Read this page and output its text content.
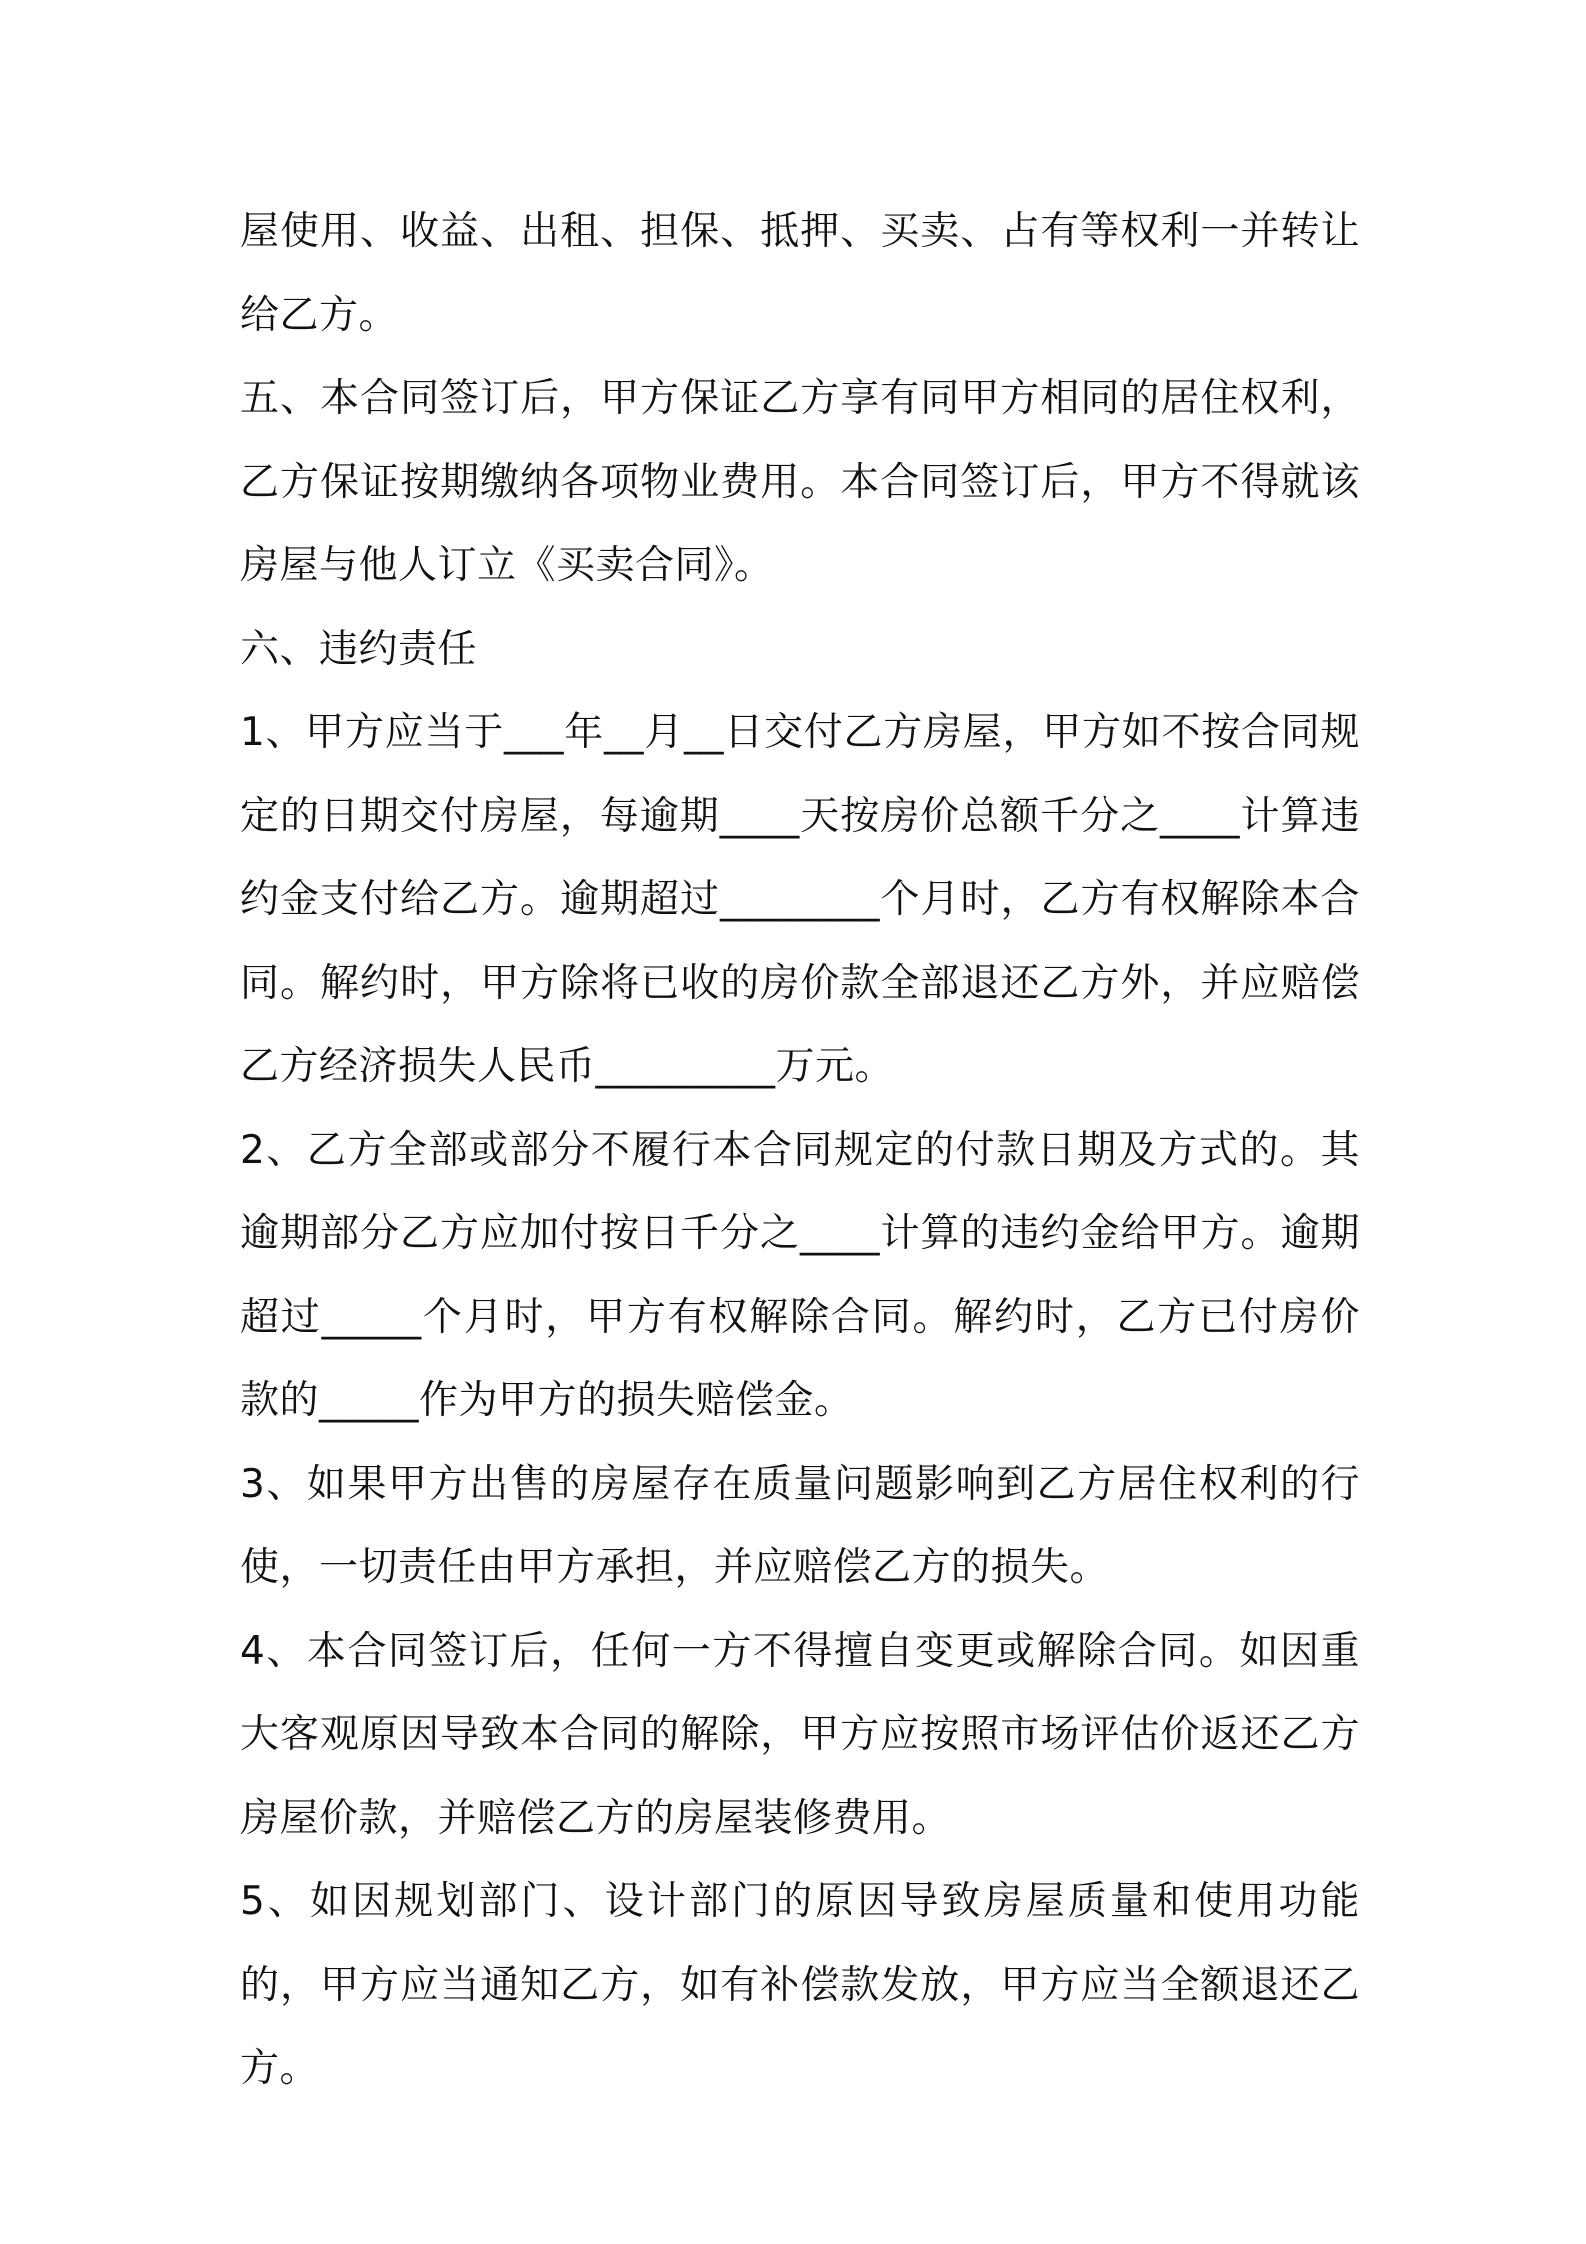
屋使用、收益、出租、担保、抵押、买卖、占有等权利一并转让给乙方。

五、本合同签订后，甲方保证乙方享有同甲方相同的居住权利，乙方保证按期缴纳各项物业费用。本合同签订后，甲方不得就该房屋与他人订立《买卖合同》。

六、违约责任

1、甲方应当于___年__月__日交付乙方房屋，甲方如不按合同规定的日期交付房屋，每逾期____天按房价总额千分之____计算违约金支付给乙方。逾期超过________个月时，乙方有权解除本合同。解约时，甲方除将已收的房价款全部退还乙方外，并应赔偿乙方经济损失人民币_________万元。

2、乙方全部或部分不履行本合同规定的付款日期及方式的。其逾期部分乙方应加付按日千分之____计算的违约金给甲方。逾期超过_____个月时，甲方有权解除合同。解约时，乙方已付房价款的_____作为甲方的损失赔偿金。

3、如果甲方出售的房屋存在质量问题影响到乙方居住权利的行使，一切责任由甲方承担，并应赔偿乙方的损失。

4、本合同签订后，任何一方不得擅自变更或解除合同。如因重大客观原因导致本合同的解除，甲方应按照市场评估价返还乙方房屋价款，并赔偿乙方的房屋装修费用。

5、如因规划部门、设计部门的原因导致房屋质量和使用功能的，甲方应当通知乙方，如有补偿款发放，甲方应当全额退还乙方。
